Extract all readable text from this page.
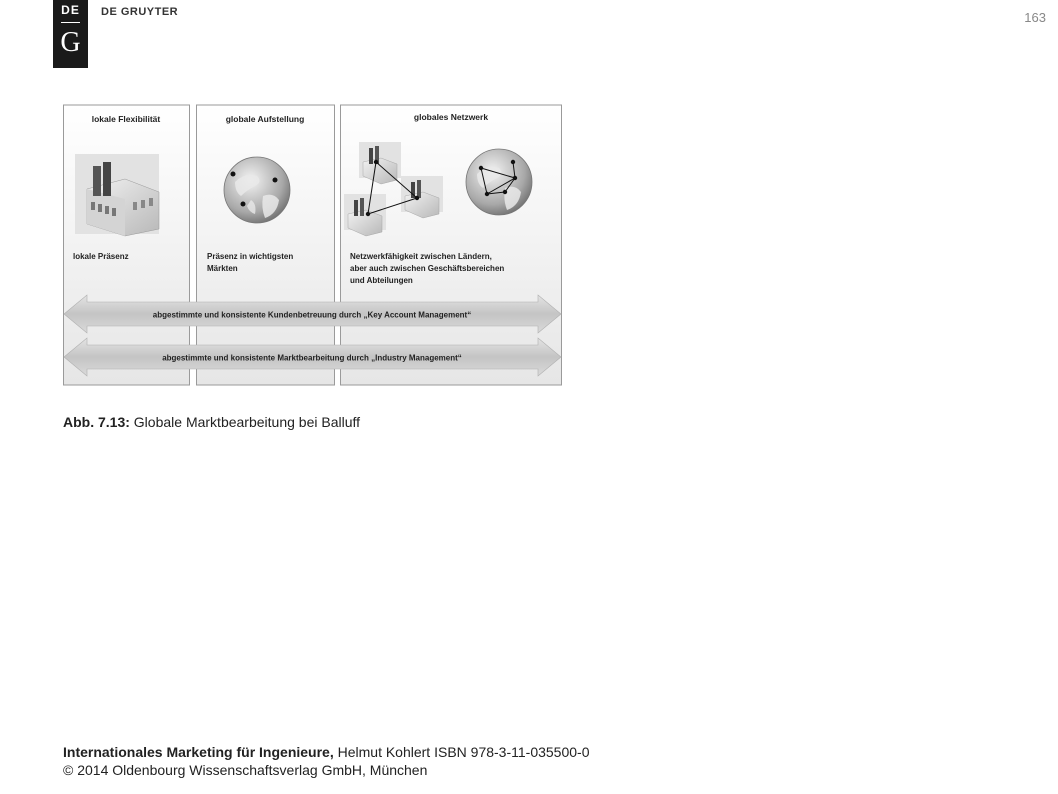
DE
G
DE GRUYTER	163
lokale Flexibilität	globale Aufstellung	globales Netzwerk
lokale Präsenz	Präsenz in wichtigsten
Märkten
Netzwerkfähigkeit zwischen Ländern,
aber auch zwischen Geschäftsbereichen
und Abteilungen
abgestimmte und konsistente Kundenbetreuung durch „Key Account Management“
abgestimmte und konsistente Marktbearbeitung durch „Industry Management“
Abb. 7.13: Globale Marktbearbeitung bei Balluff
Internationales Marketing für Ingenieure, Helmut Kohlert ISBN 978-3-11-035500-0
© 2014 Oldenbourg Wissenschaftsverlag GmbH, München
